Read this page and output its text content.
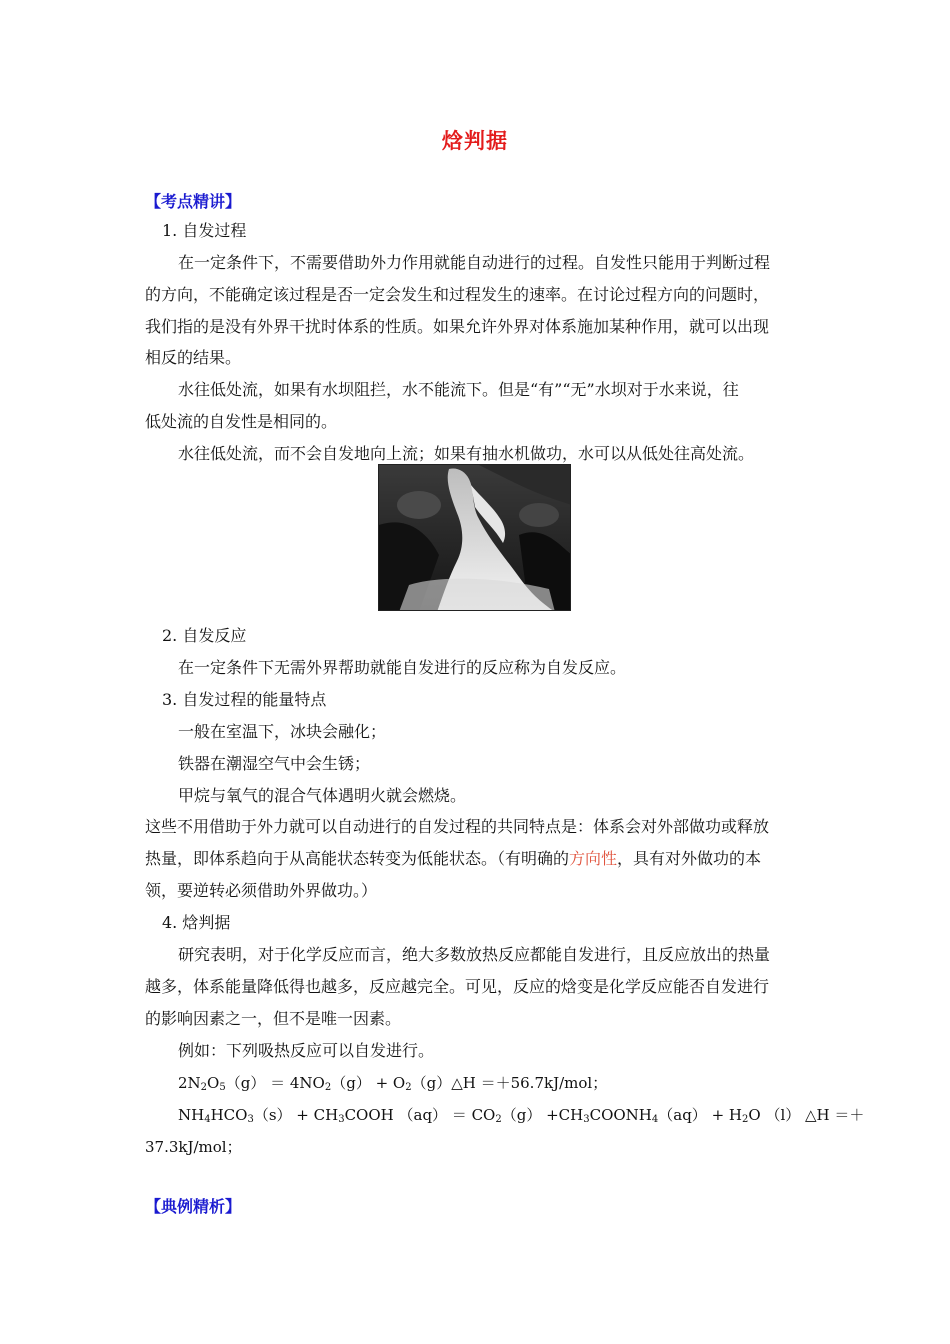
焓判据
【考点精讲】
1. 自发过程
在一定条件下，不需要借助外力作用就能自动进行的过程。自发性只能用于判断过程
的方向，不能确定该过程是否一定会发生和过程发生的速率。在讨论过程方向的问题时，
我们指的是没有外界干扰时体系的性质。如果允许外界对体系施加某种作用，就可以出现
相反的结果。
水往低处流，如果有水坝阻拦，水不能流下。但是“有”“无”水坝对于水来说，往
低处流的自发性是相同的。
水往低处流，而不会自发地向上流；如果有抽水机做功，水可以从低处往高处流。
2. 自发反应
在一定条件下无需外界帮助就能自发进行的反应称为自发反应。
3. 自发过程的能量特点
一般在室温下，冰块会融化；
铁器在潮湿空气中会生锈；
甲烷与氧气的混合气体遇明火就会燃烧。
这些不用借助于外力就可以自动进行的自发过程的共同特点是：体系会对外部做功或释放
热量，即体系趋向于从高能状态转变为低能状态。（有明确的方向性，具有对外做功的本
领，要逆转必须借助外界做功。）
4. 焓判据
研究表明，对于化学反应而言，绝大多数放热反应都能自发进行，且反应放出的热量
越多，体系能量降低得也越多，反应越完全。可见，反应的焓变是化学反应能否自发进行
的影响因素之一，但不是唯一因素。
例如：下列吸热反应可以自发进行。
$2N_2O_5(g) = 4NO_2(g)$ + $O_2(g)\triangle H =+56.7kJ/mol$；
$NH_4HCO_3(s)$ + $CH_3COOH$ $(aq) = CO_2(g)$ $+CH_3COONH_4(aq) + H_2O$ （l） △H ＝＋
37.3kJ/mol；
【典例精析】
